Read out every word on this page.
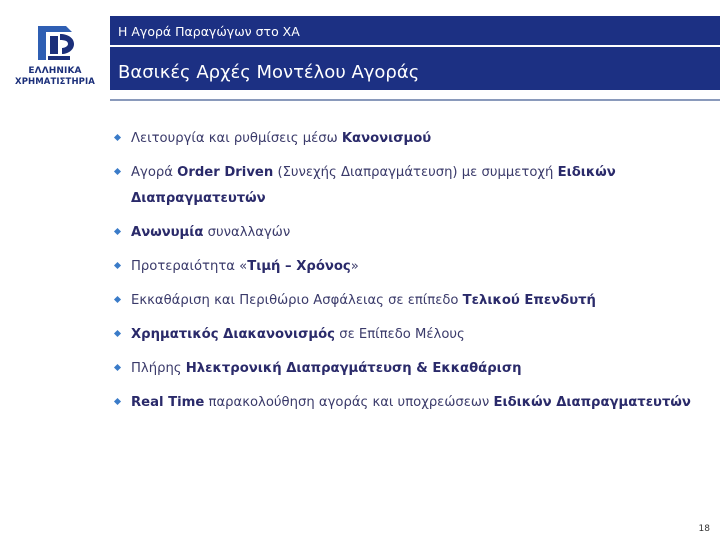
ΕΛΛΗΝΙΚΑ
ΧΡΗΜΑΤΙΣΤΗΡΙΑ
Η Αγορά Παραγώγων στο ΧΑ
Βασικές Αρχές Μοντέλου Αγοράς
Λειτουργία και ρυθμίσεις μέσω Κανονισμού
Αγορά Order Driven (Συνεχής Διαπραγμάτευση) με συμμετοχή Ειδικών Διαπραγματευτών
Ανωνυμία συναλλαγών
Προτεραιότητα «Τιμή – Χρόνος»
Εκκαθάριση και Περιθώριο Ασφάλειας σε επίπεδο Τελικού Επενδυτή
Χρηματικός Διακανονισμός σε Επίπεδο Μέλους
Πλήρης Ηλεκτρονική Διαπραγμάτευση & Εκκαθάριση
Real Time παρακολούθηση αγοράς και υποχρεώσεων Ειδικών Διαπραγματευτών
18
